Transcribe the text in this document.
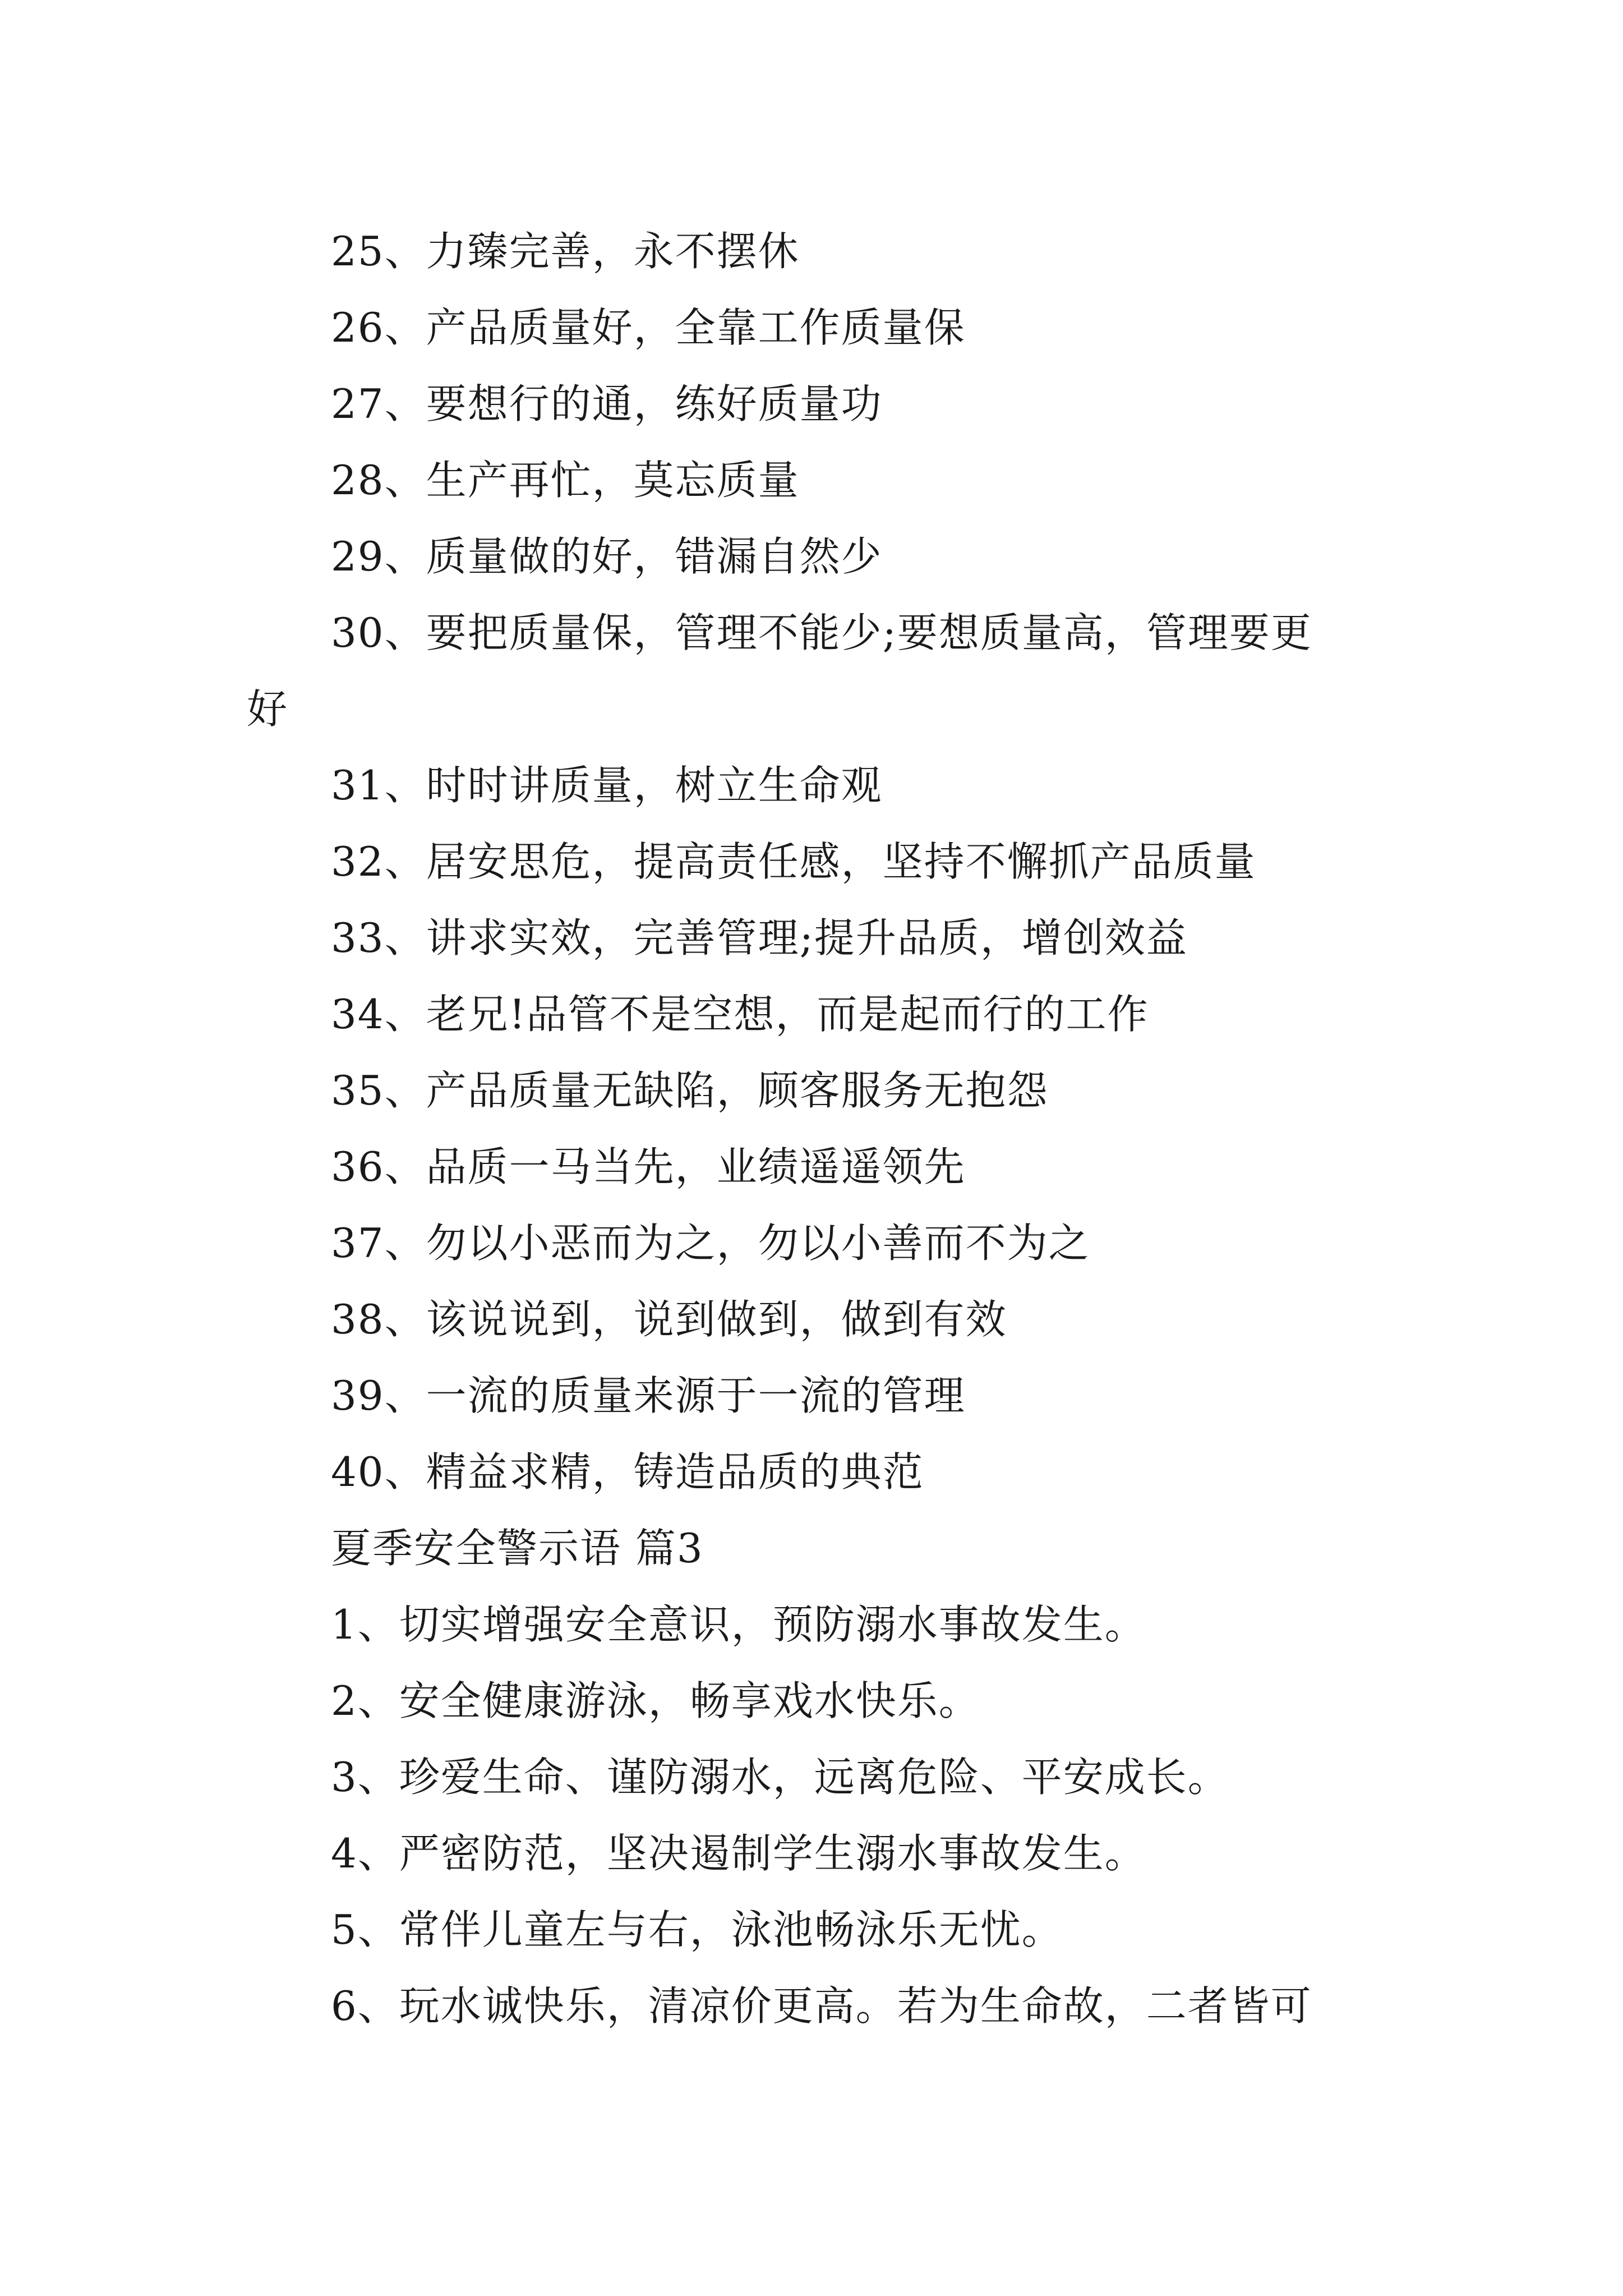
25、力臻完善，永不摆休
26、产品质量好，全靠工作质量保
27、要想行的通，练好质量功
28、生产再忙，莫忘质量
29、质量做的好，错漏自然少
30、要把质量保，管理不能少;要想质量高，管理要更
好
31、时时讲质量，树立生命观
32、居安思危，提高责任感，坚持不懈抓产品质量
33、讲求实效，完善管理;提升品质，增创效益
34、老兄!品管不是空想，而是起而行的工作
35、产品质量无缺陷，顾客服务无抱怨
36、品质一马当先，业绩遥遥领先
37、勿以小恶而为之，勿以小善而不为之
38、该说说到，说到做到，做到有效
39、一流的质量来源于一流的管理
40、精益求精，铸造品质的典范
夏季安全警示语 篇3
1、切实增强安全意识，预防溺水事故发生。
2、安全健康游泳，畅享戏水快乐。
3、珍爱生命、谨防溺水，远离危险、平安成长。
4、严密防范，坚决遏制学生溺水事故发生。
5、常伴儿童左与右，泳池畅泳乐无忧。
6、玩水诚快乐，清凉价更高。若为生命故，二者皆可
